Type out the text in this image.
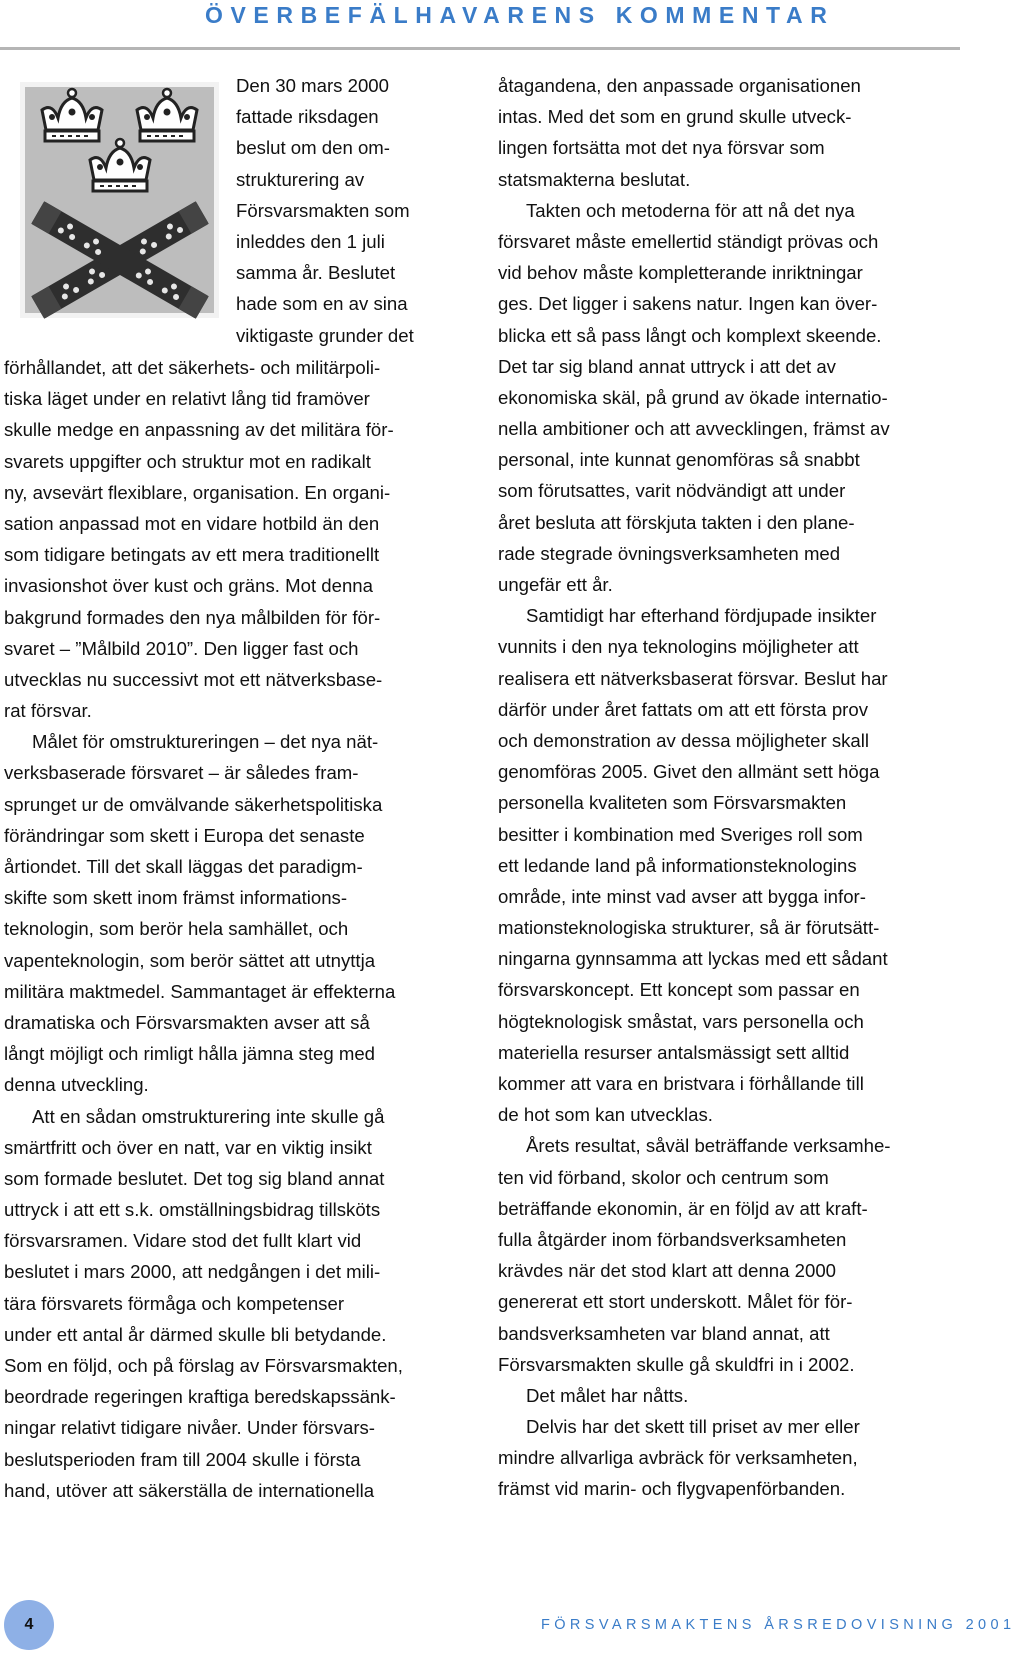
ÖVERBEFÄLHAVARENS KOMMENTAR
Den 30 mars 2000
fattade riksdagen
beslut om den om-
strukturering av
Försvarsmakten som
inleddes den 1 juli
samma år. Beslutet
hade som en av sina
viktigaste grunder det
förhållandet, att det säkerhets- och militärpoli-
tiska läget under en relativt lång tid framöver
skulle medge en anpassning av det militära för-
svarets uppgifter och struktur mot en radikalt
ny, avsevärt flexiblare, organisation. En organi-
sation anpassad mot en vidare hotbild än den
som tidigare betingats av ett mera traditionellt
invasionshot över kust och gräns. Mot denna
bakgrund formades den nya målbilden för för-
svaret – ”Målbild 2010”. Den ligger fast och
utvecklas nu successivt mot ett nätverksbase-
rat försvar.
Målet för omstruktureringen – det nya nät-
verksbaserade försvaret – är således fram-
sprunget ur de omvälvande säkerhetspolitiska
förändringar som skett i Europa det senaste
årtiondet. Till det skall läggas det paradigm-
skifte som skett inom främst informations-
teknologin, som berör hela samhället, och
vapenteknologin, som berör sättet att utnyttja
militära maktmedel. Sammantaget är effekterna
dramatiska och Försvarsmakten avser att så
långt möjligt och rimligt hålla jämna steg med
denna utveckling.
Att en sådan omstrukturering inte skulle gå
smärtfritt och över en natt, var en viktig insikt
som formade beslutet. Det tog sig bland annat
uttryck i att ett s.k. omställningsbidrag tillsköts
försvarsramen. Vidare stod det fullt klart vid
beslutet i mars 2000, att nedgången i det mili-
tära försvarets förmåga och kompetenser
under ett antal år därmed skulle bli betydande.
Som en följd, och på förslag av Försvarsmakten,
beordrade regeringen kraftiga beredskapssänk-
ningar relativt tidigare nivåer. Under försvars-
beslutsperioden fram till 2004 skulle i första
hand, utöver att säkerställa de internationella
åtagandena, den anpassade organisationen
intas. Med det som en grund skulle utveck-
lingen fortsätta mot det nya försvar som
statsmakterna beslutat.
Takten och metoderna för att nå det nya
försvaret måste emellertid ständigt prövas och
vid behov måste kompletterande inriktningar
ges. Det ligger i sakens natur. Ingen kan över-
blicka ett så pass långt och komplext skeende.
Det tar sig bland annat uttryck i att det av
ekonomiska skäl, på grund av ökade internatio-
nella ambitioner och att avvecklingen, främst av
personal, inte kunnat genomföras så snabbt
som förutsattes, varit nödvändigt att under
året besluta att förskjuta takten i den plane-
rade stegrade övningsverksamheten med
ungefär ett år.
Samtidigt har efterhand fördjupade insikter
vunnits i den nya teknologins möjligheter att
realisera ett nätverksbaserat försvar. Beslut har
därför under året fattats om att ett första prov
och demonstration av dessa möjligheter skall
genomföras 2005. Givet den allmänt sett höga
personella kvaliteten som Försvarsmakten
besitter i kombination med Sveriges roll som
ett ledande land på informationsteknologins
område, inte minst vad avser att bygga infor-
mationsteknologiska strukturer, så är förutsätt-
ningarna gynnsamma att lyckas med ett sådant
försvarskoncept. Ett koncept som passar en
högteknologisk småstat, vars personella och
materiella resurser antalsmässigt sett alltid
kommer att vara en bristvara i förhållande till
de hot som kan utvecklas.
Årets resultat, såväl beträffande verksamhe-
ten vid förband, skolor och centrum som
beträffande ekonomin, är en följd av att kraft-
fulla åtgärder inom förbandsverksamheten
krävdes när det stod klart att denna 2000
genererat ett stort underskott. Målet för för-
bandsverksamheten var bland annat, att
Försvarsmakten skulle gå skuldfri in i 2002.
Det målet har nåtts.
Delvis har det skett till priset av mer eller
mindre allvarliga avbräck för verksamheten,
främst vid marin- och flygvapenförbanden.
4	FÖRSVARSMAKTENS ÅRSREDOVISNING 2001
